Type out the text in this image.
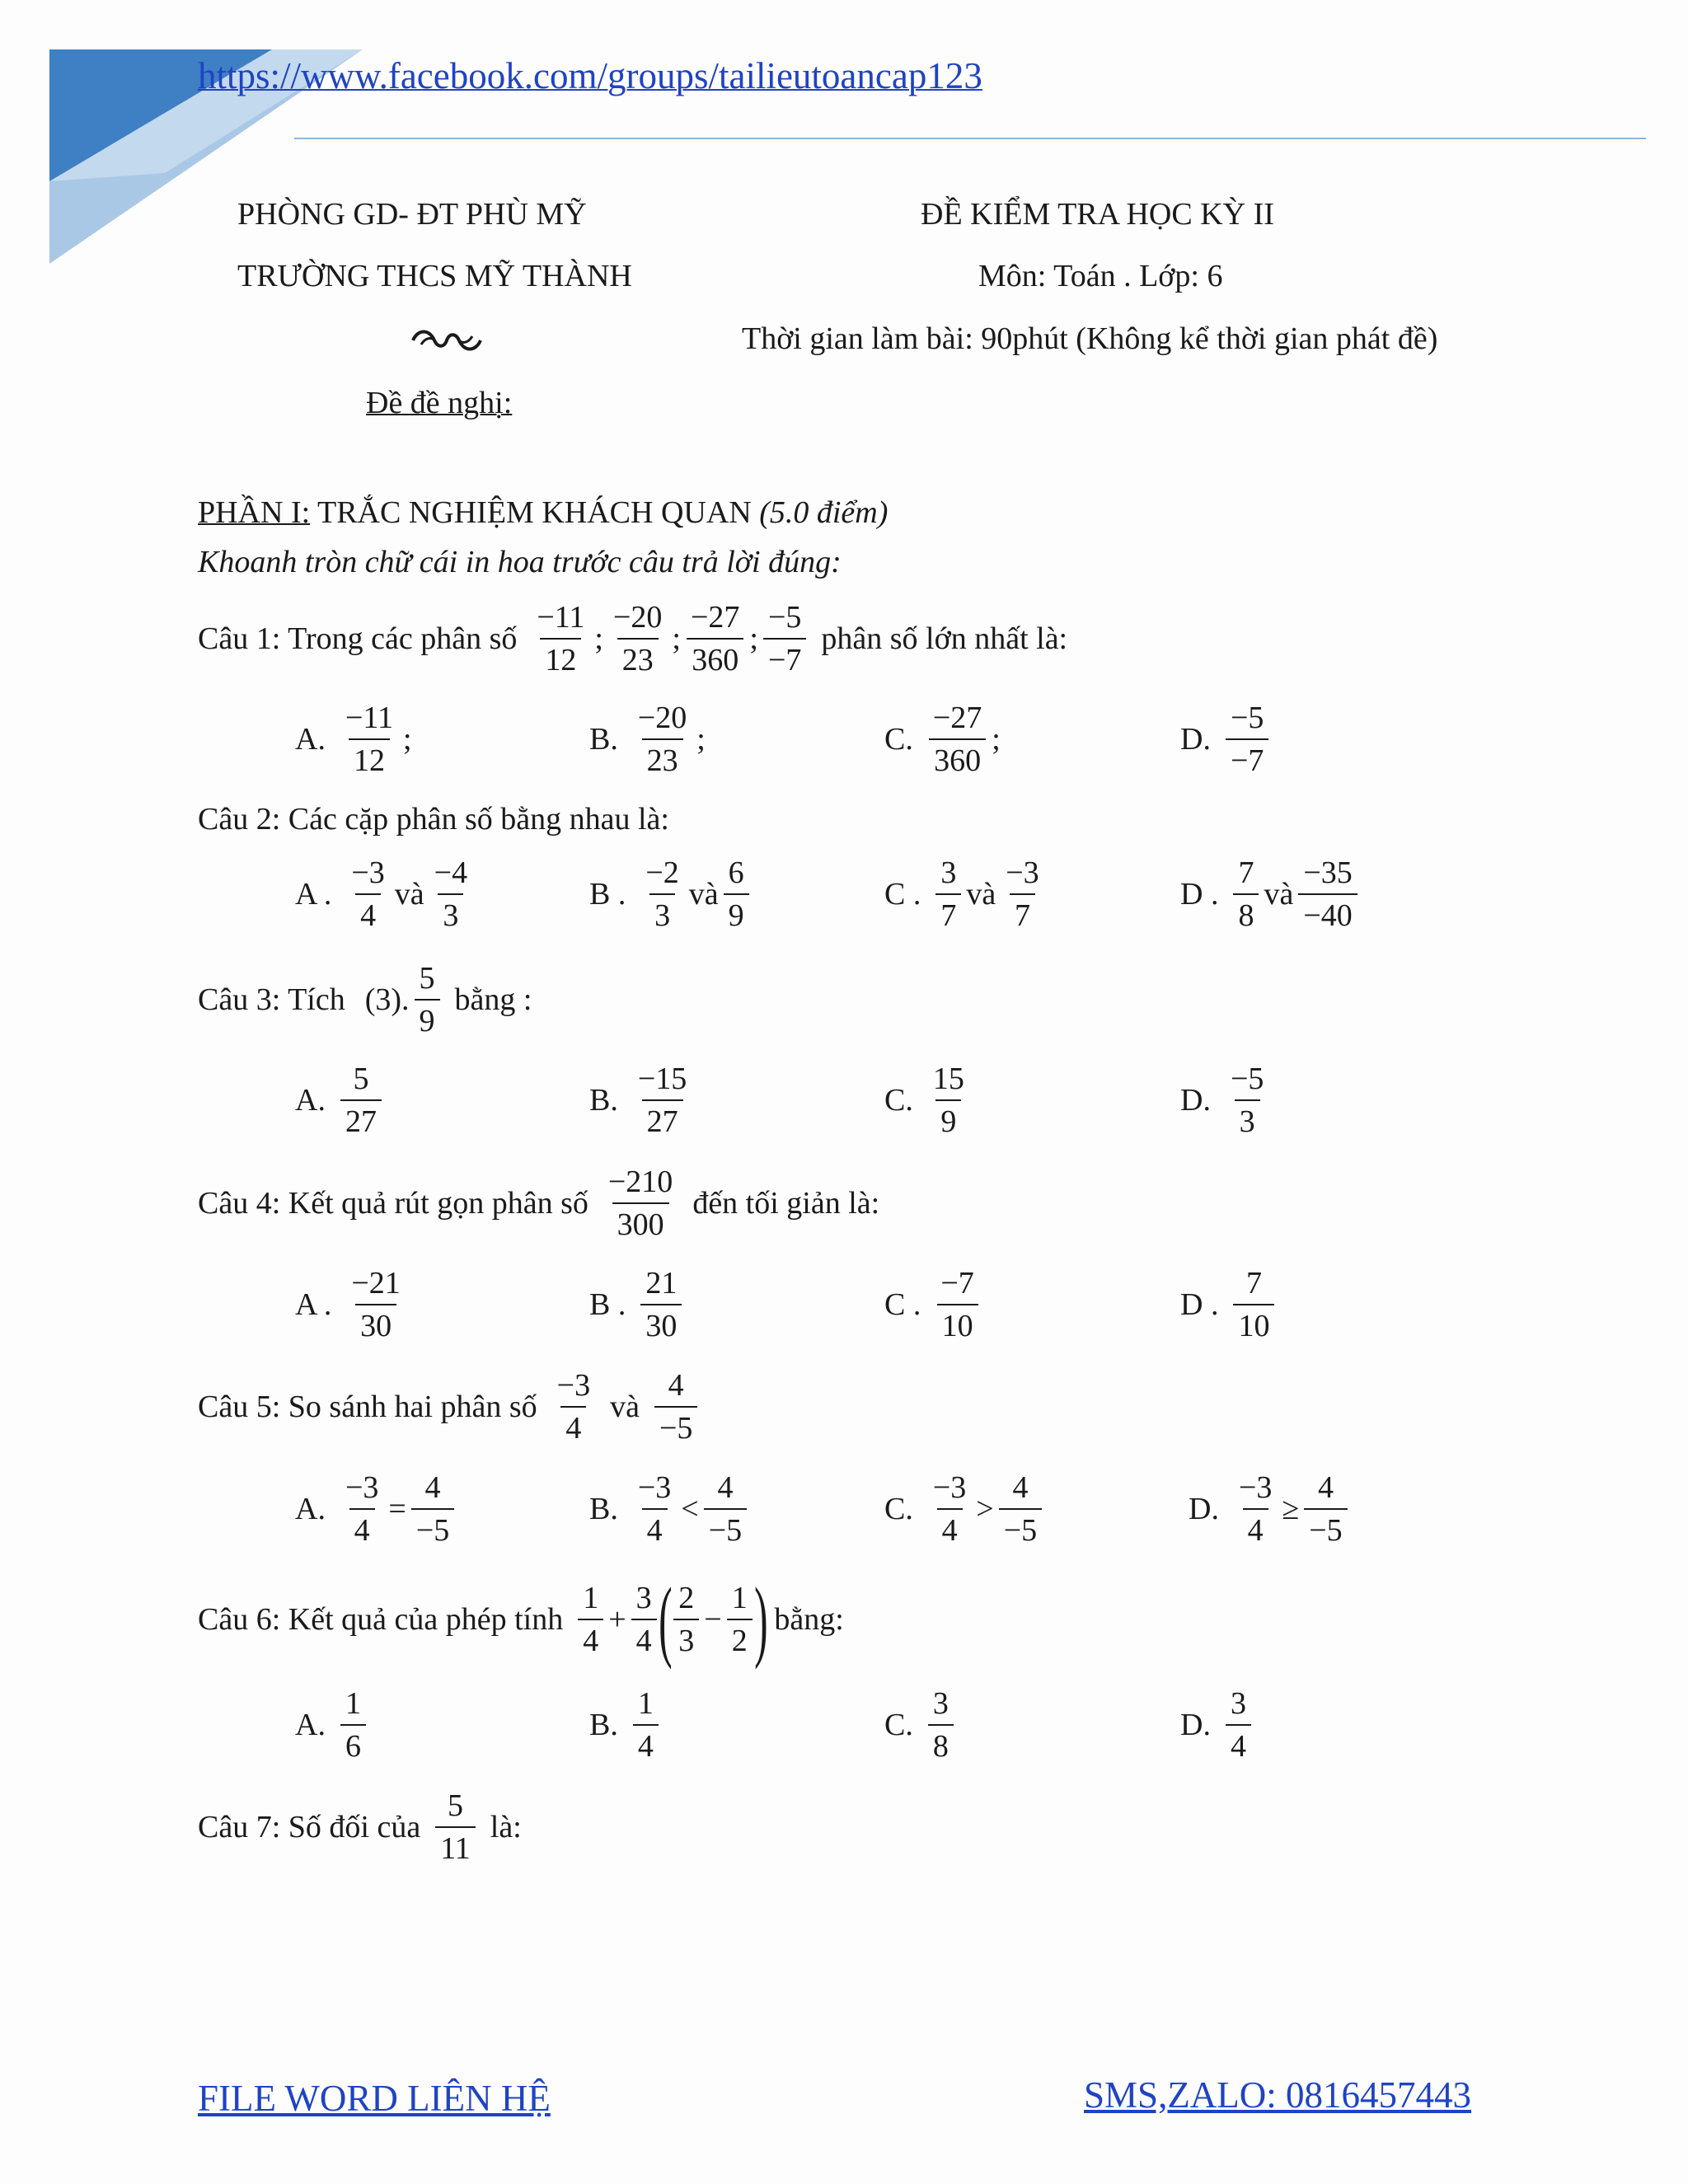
https://www.facebook.com/groups/tailieutoancap123
PHÒNG GD- ĐT PHÙ MỸ
TRƯỜNG THCS MỸ THÀNH
Đề đề nghị:
ĐỀ KIỂM TRA HỌC KỲ II
Môn: Toán . Lớp: 6
Thời gian làm bài: 90phút (Không kể thời gian phát đề)
PHẦN I: TRẮC NGHIỆM KHÁCH QUAN (5.0 điểm)
Khoanh tròn chữ cái in hoa trước câu trả lời đúng:
Câu 1: Trong các phân số $\frac{-11}{12}$ ; $\frac{-20}{23}$ ; $\frac{-27}{360}$ ; $\frac{-5}{-7}$ phân số lớn nhất là:
A. $\frac{-11}{12}$ ;	B. $\frac{-20}{23}$ ;	C. $\frac{-27}{360}$ ;	D. $\frac{-5}{-7}$
Câu 2: Các cặp phân số bằng nhau là:
A . $\frac{-3}{4}$ và $\frac{-4}{3}$	B . $\frac{-2}{3}$ và $\frac{6}{9}$	C . $\frac{3}{7}$ và $\frac{-3}{7}$	D . $\frac{7}{8}$ và $\frac{-35}{-40}$
Câu 3: Tích (3). $\frac{5}{9}$ bằng :
A. $\frac{5}{27}$	B. $\frac{-15}{27}$	C. $\frac{15}{9}$	D. $\frac{-5}{3}$
Câu 4: Kết quả rút gọn phân số $\frac{-210}{300}$ đến tối giản là:
A . $\frac{-21}{30}$	B . $\frac{21}{30}$	C . $\frac{-7}{10}$	D . $\frac{7}{10}$
Câu 5: So sánh hai phân số $\frac{-3}{4}$ và $\frac{4}{-5}$
A. $\frac{-3}{4} = \frac{4}{-5}$	B. $\frac{-3}{4} < \frac{4}{-5}$	C. $\frac{-3}{4} > \frac{4}{-5}$	D. $\frac{-3}{4} \ge \frac{4}{-5}$
Câu 6: Kết quả của phép tính $\frac{1}{4} + \frac{3}{4}$ ( $\frac{2}{3} - \frac{1}{2}$ ) bằng:
A. $\frac{1}{6}$	B. $\frac{1}{4}$	C. $\frac{3}{8}$	D. $\frac{3}{4}$
Câu 7: Số đối của $\frac{5}{11}$ là:
FILE WORD LIÊN HỆ	SMS,ZALO: 0816457443
